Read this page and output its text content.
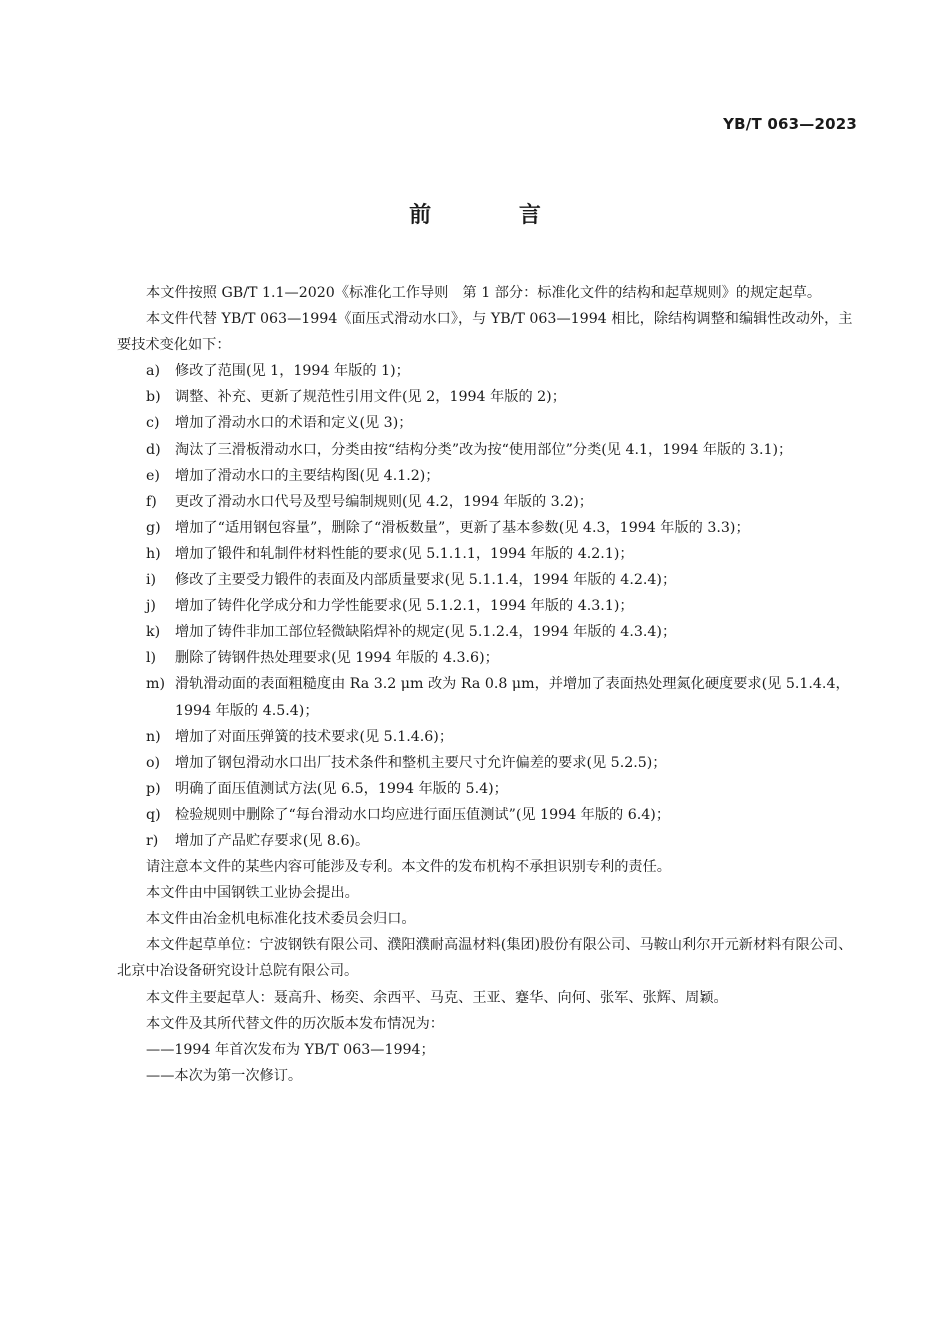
YB/T 063—2023
前 言

本文件按照 GB/T 1.1—2020《标准化工作导则　第 1 部分：标准化文件的结构和起草规则》的规定起草。

本文件代替 YB/T 063—1994《面压式滑动水口》，与 YB/T 063—1994 相比，除结构调整和编辑性改动外，主要技术变化如下：

a) 修改了范围(见 1，1994 年版的 1)；
b) 调整、补充、更新了规范性引用文件(见 2，1994 年版的 2)；
c) 增加了滑动水口的术语和定义(见 3)；
d) 淘汰了三滑板滑动水口，分类由按“结构分类”改为按“使用部位”分类(见 4.1，1994 年版的 3.1)；
e) 增加了滑动水口的主要结构图(见 4.1.2)；
f) 更改了滑动水口代号及型号编制规则(见 4.2，1994 年版的 3.2)；
g) 增加了“适用钢包容量”，删除了“滑板数量”，更新了基本参数(见 4.3，1994 年版的 3.3)；
h) 增加了锻件和轧制件材料性能的要求(见 5.1.1.1，1994 年版的 4.2.1)；
i) 修改了主要受力锻件的表面及内部质量要求(见 5.1.1.4，1994 年版的 4.2.4)；
j) 增加了铸件化学成分和力学性能要求(见 5.1.2.1，1994 年版的 4.3.1)；
k) 增加了铸件非加工部位轻微缺陷焊补的规定(见 5.1.2.4，1994 年版的 4.3.4)；
l) 删除了铸钢件热处理要求(见 1994 年版的 4.3.6)；
m) 滑轨滑动面的表面粗糙度由 Ra 3.2 μm 改为 Ra 0.8 μm，并增加了表面热处理氮化硬度要求(见 5.1.4.4，1994 年版的 4.5.4)；
n) 增加了对面压弹簧的技术要求(见 5.1.4.6)；
o) 增加了钢包滑动水口出厂技术条件和整机主要尺寸允许偏差的要求(见 5.2.5)；
p) 明确了面压值测试方法(见 6.5，1994 年版的 5.4)；
q) 检验规则中删除了“每台滑动水口均应进行面压值测试”(见 1994 年版的 6.4)；
r) 增加了产品贮存要求(见 8.6)。

请注意本文件的某些内容可能涉及专利。本文件的发布机构不承担识别专利的责任。

本文件由中国钢铁工业协会提出。

本文件由冶金机电标准化技术委员会归口。

本文件起草单位：宁波钢铁有限公司、濮阳濮耐高温材料(集团)股份有限公司、马鞍山利尔开元新材料有限公司、北京中冶设备研究设计总院有限公司。

本文件主要起草人：聂高升、杨奕、余西平、马克、王亚、蹇华、向何、张军、张辉、周颖。

本文件及其所代替文件的历次版本发布情况为：

——1994 年首次发布为 YB/T 063—1994；

——本次为第一次修订。
